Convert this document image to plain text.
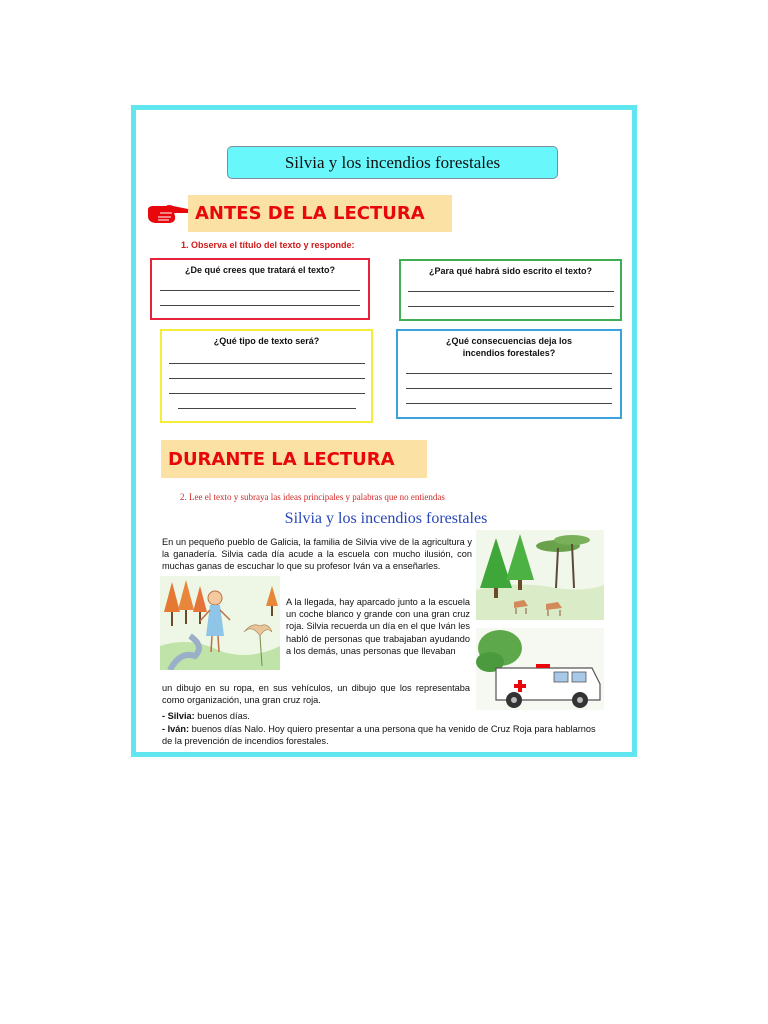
Silvia y los incendios forestales
ANTES DE LA LECTURA
1. Observa el título del texto y responde:
¿De qué crees que tratará el texto?	¿Para qué habrá sido escrito el texto?
¿Qué tipo de texto será?	¿Qué consecuencias deja los incendios forestales?
DURANTE LA LECTURA
2. Lee el texto y subraya las ideas principales y palabras que no entiendas
Silvia y los incendios forestales
En un pequeño pueblo de Galicia, la familia de Silvia vive de la agricultura y la ganadería. Silvia cada día acude a la escuela con mucho ilusión, con muchas ganas de escuchar lo que su profesor Iván va a enseñarles.
A la llegada, hay aparcado junto a la escuela un coche blanco y grande con una gran cruz roja. Silvia recuerda un día en el que Iván les habló de personas que trabajaban ayudando a los demás, unas personas que llevaban
un dibujo en su ropa, en sus vehículos, un dibujo que los representaba como organización, una gran cruz roja.
- Silvia: buenos días.
- Iván: buenos días Nalo. Hoy quiero presentar a una persona que ha venido de Cruz Roja para hablarnos de la prevención de incendios forestales.
